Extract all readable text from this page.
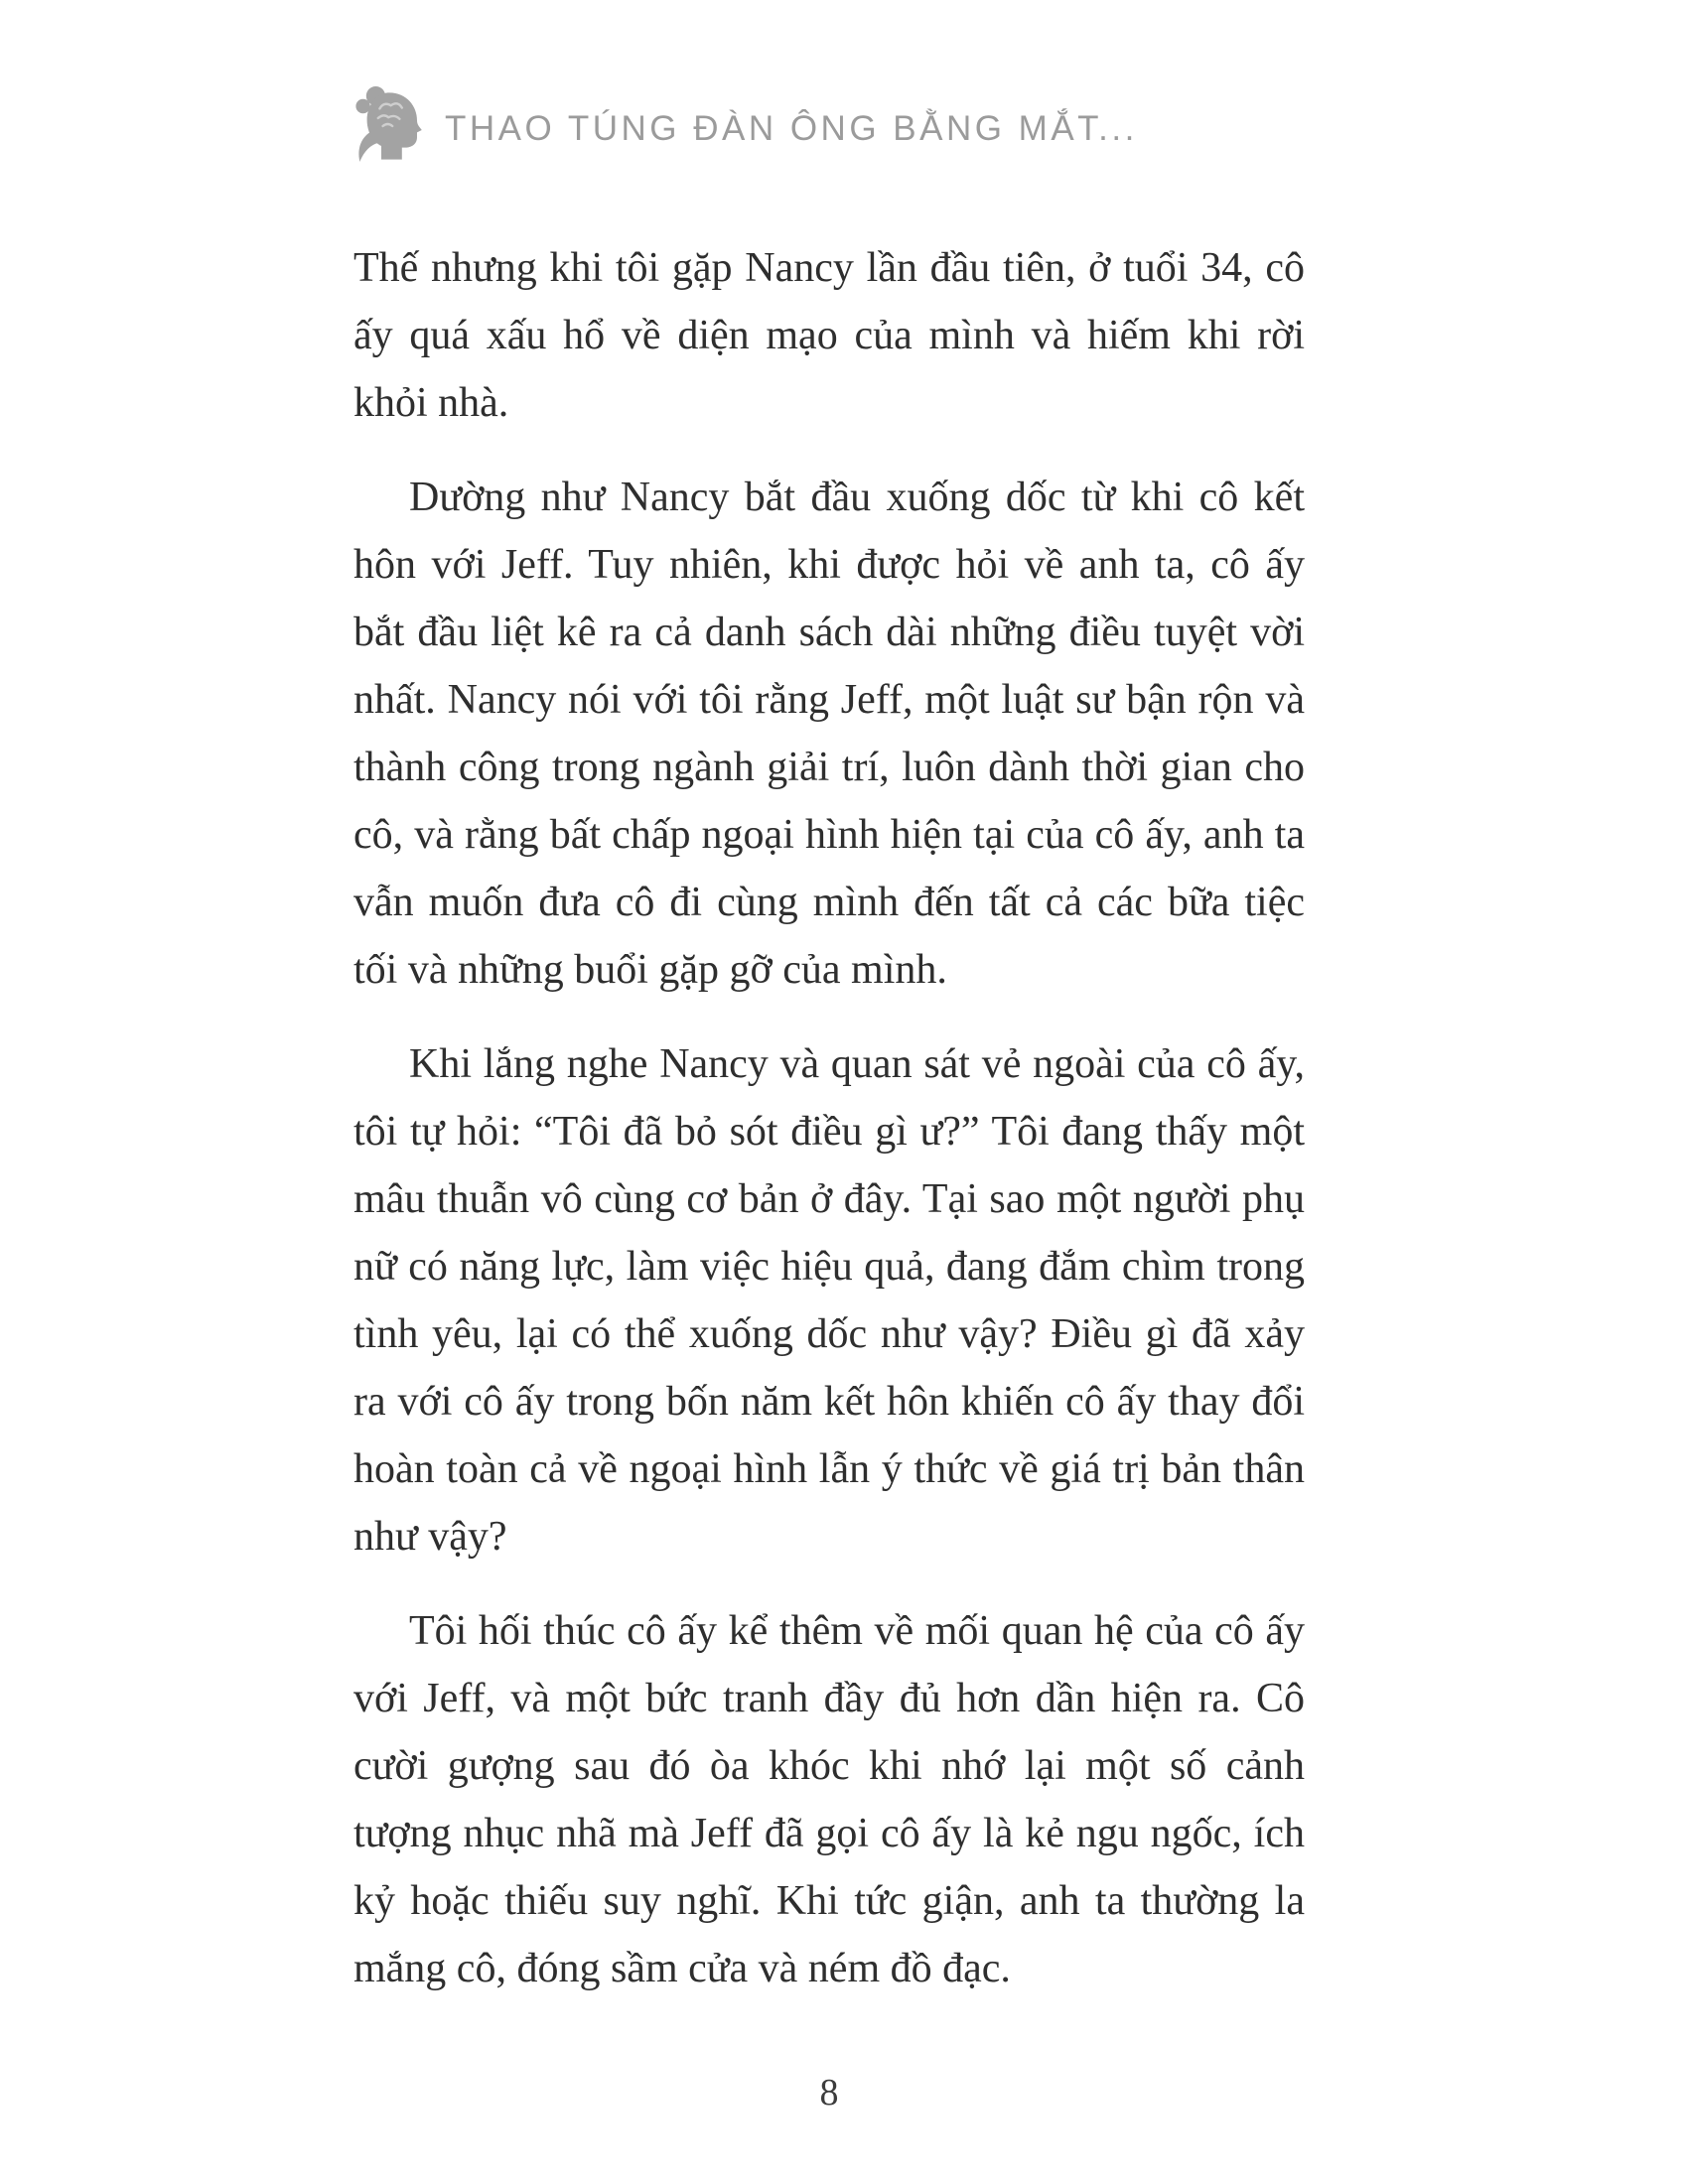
THAO TÚNG ĐÀN ÔNG BẰNG MẮT...

Thế nhưng khi tôi gặp Nancy lần đầu tiên, ở tuổi 34, cô ấy quá xấu hổ về diện mạo của mình và hiếm khi rời khỏi nhà.

Dường như Nancy bắt đầu xuống dốc từ khi cô kết hôn với Jeff. Tuy nhiên, khi được hỏi về anh ta, cô ấy bắt đầu liệt kê ra cả danh sách dài những điều tuyệt vời nhất. Nancy nói với tôi rằng Jeff, một luật sư bận rộn và thành công trong ngành giải trí, luôn dành thời gian cho cô, và rằng bất chấp ngoại hình hiện tại của cô ấy, anh ta vẫn muốn đưa cô đi cùng mình đến tất cả các bữa tiệc tối và những buổi gặp gỡ của mình.

Khi lắng nghe Nancy và quan sát vẻ ngoài của cô ấy, tôi tự hỏi: “Tôi đã bỏ sót điều gì ư?” Tôi đang thấy một mâu thuẫn vô cùng cơ bản ở đây. Tại sao một người phụ nữ có năng lực, làm việc hiệu quả, đang đắm chìm trong tình yêu, lại có thể xuống dốc như vậy? Điều gì đã xảy ra với cô ấy trong bốn năm kết hôn khiến cô ấy thay đổi hoàn toàn cả về ngoại hình lẫn ý thức về giá trị bản thân như vậy?

Tôi hối thúc cô ấy kể thêm về mối quan hệ của cô ấy với Jeff, và một bức tranh đầy đủ hơn dần hiện ra. Cô cười gượng sau đó òa khóc khi nhớ lại một số cảnh tượng nhục nhã mà Jeff đã gọi cô ấy là kẻ ngu ngốc, ích kỷ hoặc thiếu suy nghĩ. Khi tức giận, anh ta thường la mắng cô, đóng sầm cửa và ném đồ đạc.

8
